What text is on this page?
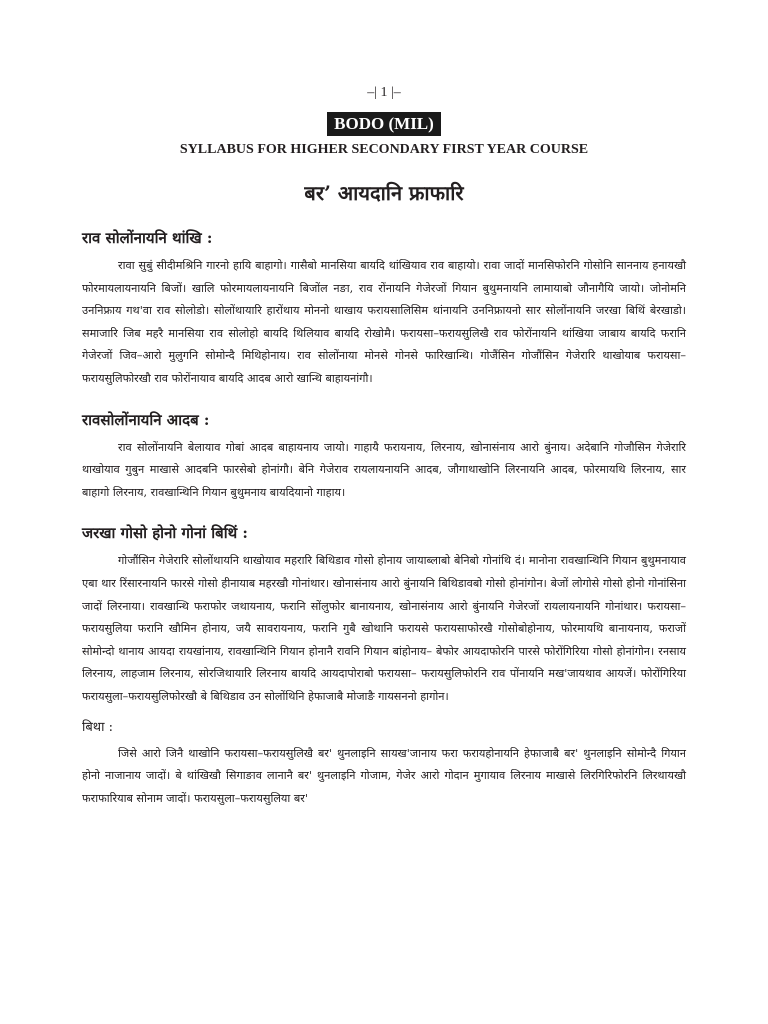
–| 1 |–
BODO (MIL)
SYLLABUS FOR HIGHER SECONDARY FIRST YEAR COURSE
बर’ आयदानि फ्राफारि
राव सोलोंनायनि थांखि :

रावा सुबुं सीदीमश्रिनि गारनो हायि बाहागो। गासैबो मानसिया बायदि थांखियाव राव बाहायो। रावा जादों मानसिफोरनि गोसोनि साननाय हनायखौ फोरमायलायनायनि बिजों। खालि फोरमायलायनायनि बिजोंल नङा, राव रोंनायनि गेजेरजों गियान बुथुमनायनि लामायाबो जौनागैयि जायो। जोनोमनि उननिफ्राय गथ'वा राव सोलोडो। सोलोंथायारि हारोंथाय मोननो थाखाय फरायसालिसिम थांनायनि उननिफ्रायनो सार सोलोंनायनि जरखा बिथिं बेरखाडो। समाजारि जिब महरै मानसिया राव सोलोहो बायदि थिलियाव बायदि रोखोमै। फरायसा–फरायसुलिखै राव फोरोंनायनि थांखिया जाबाय बायदि फरानि गेजेरजों जिव–आरो मुलुगनि सोमोन्दै मिथिहोनाय। राव सोलोंनाया मोनसे गोनसे फारिखान्थि। गोजैंसिन गोजौंसिन गेजेरारि थाखोयाब फरायसा–फरायसुलिफोरखौ राव फोरोंनायाव बायदि आदब आरो खान्थि बाहायनांगौ।

रावसोलोंनायनि आदब :

राव सोलोंनायनि बेलायाव गोबां आदब बाहायनाय जायो। गाहायै फरायनाय, लिरनाय, खोनासंनाय आरो बुंनाय। अदेबानि गोजौसिन गेजेरारि थाखोयाव गुबुन माखासे आदबनि फारसेबो होनांगौ। बेनि गेजेराव रायलायनायनि आदब, जौगाथाखोनि लिरनायनि आदब, फोरमायथि लिरनाय, सार बाहागो लिरनाय, रावखान्थिनि गियान बुथुमनाय बायदियानो गाहाय।

जरखा गोसो होनो गोनां बिथिं :

गोजौंसिन गेजेरारि सोलोंथायनि थाखोयाव महरारि बिथिडाव गोसो होनाय जायाब्लाबो बेनिबो गोनांथि दं। मानोना रावखान्थिनि गियान बुथुमनायाव एबा थार रिंसारनायनि फारसे गोसो हीनायाब महरखौ गोनांथार। खोनासंनाय आरो बुंनायनि बिथिडावबो गोसो होनांगोन। बेजों लोगोसे गोसो होनो गोनांसिना जादों लिरनाया। रावखान्थि फराफोर जथायनाय, फरानि सोंलुफोर बानायनाय, खोनासंनाय आरो बुंनायनि गेजेरजों रायलायनायनि गोनांथार। फरायसा–फरायसुलिया फरानि खौमिन होनाय, जयै सावरायनाय, फरानि गुबै खोथानि फरायसे फरायसाफोरखै गोसोबोहोनाय, फोरमायथि बानायनाय, फराजों सोमोन्दो थानाय आयदा रायखांनाय, रावखान्थिनि गियान होनानै रावनि गियान बांहोनाय– बेफोर आयदाफोरनि पारसे फोरोंगिरिया गोसो होनांगोन। रनसाय लिरनाय, लाहजाम लिरनाय, सोरजिथायारि लिरनाय बायदि आयदापोराबो फरायसा– फरायसुलिफोरनि राव पोंनायनि मख'जायथाव आयजें। फोरोंगिरिया फरायसुला–फरायसुलिफोरखौ बे बिथिडाव उन सोलोंथिनि हेफाजाबै मोजाङै गायसननो हागोन।

बिथा :

जिसे आरो जिनै थाखोनि फरायसा–फरायसुलिखै बर' थुनलाइनि सायख'जानाय फरा फरायहोनायनि हेफाजाबै बर' थुनलाइनि सोमोन्दै गियान होनो नाजानाय जादों। बे थांखिखौ सिगाङाव लानानै बर' थुनलाइनि गोजाम, गेजेर आरो गोदान मुगायाव लिरनाय माखासे लिरगिरिफोरनि लिरथायखौ फराफारियाब सोनाम जादों। फरायसुला–फरायसुलिया बर'
